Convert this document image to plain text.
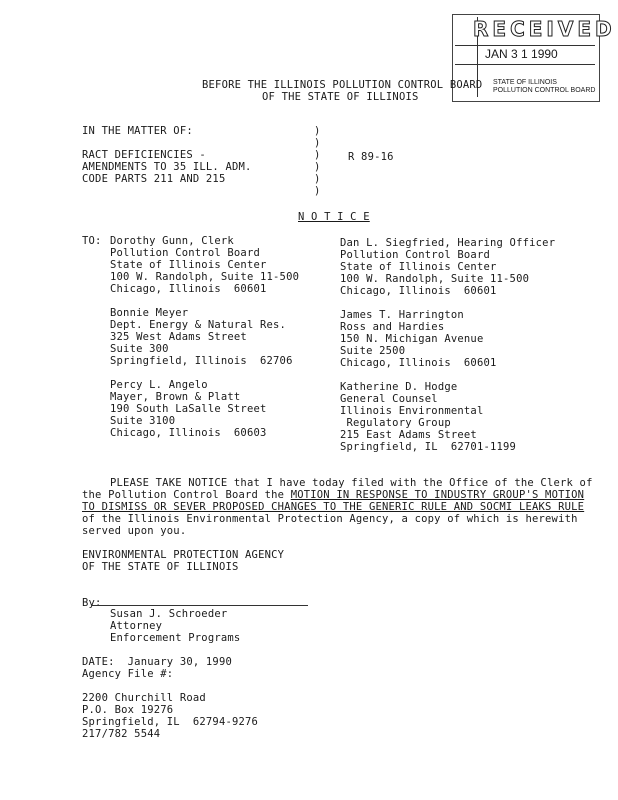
RECEIVED
JAN 3 1 1990
STATE OF ILLINOIS
POLLUTION CONTROL BOARD
BEFORE THE ILLINOIS POLLUTION CONTROL BOARD
OF THE STATE OF ILLINOIS
IN THE MATTER OF:
RACT DEFICIENCIES -
AMENDMENTS TO 35 ILL. ADM.
CODE PARTS 211 AND 215
)
)
)
)
)
)
R 89-16
N O T I C E
TO: Dorothy Gunn, Clerk
Pollution Control Board
State of Illinois Center
100 W. Randolph, Suite 11-500
Chicago, Illinois  60601
Bonnie Meyer
Dept. Energy & Natural Res.
325 West Adams Street
Suite 300
Springfield, Illinois  62706
Percy L. Angelo
Mayer, Brown & Platt
190 South LaSalle Street
Suite 3100
Chicago, Illinois  60603
Dan L. Siegfried, Hearing Officer
Pollution Control Board
State of Illinois Center
100 W. Randolph, Suite 11-500
Chicago, Illinois  60601
James T. Harrington
Ross and Hardies
150 N. Michigan Avenue
Suite 2500
Chicago, Illinois  60601
Katherine D. Hodge
General Counsel
Illinois Environmental
Regulatory Group
215 East Adams Street
Springfield, IL  62701-1199
PLEASE TAKE NOTICE that I have today filed with the Office of the Clerk of
the Pollution Control Board the MOTION IN RESPONSE TO INDUSTRY GROUP'S MOTION
TO DISMISS OR SEVER PROPOSED CHANGES TO THE GENERIC RULE AND SOCMI LEAKS RULE
of the Illinois Environmental Protection Agency, a copy of which is herewith
served upon you.
ENVIRONMENTAL PROTECTION AGENCY
OF THE STATE OF ILLINOIS
By:
Susan J. Schroeder
Attorney
Enforcement Programs
DATE:  January 30, 1990
Agency File #:
2200 Churchill Road
P.O. Box 19276
Springfield, IL  62794-9276
217/782 5544
